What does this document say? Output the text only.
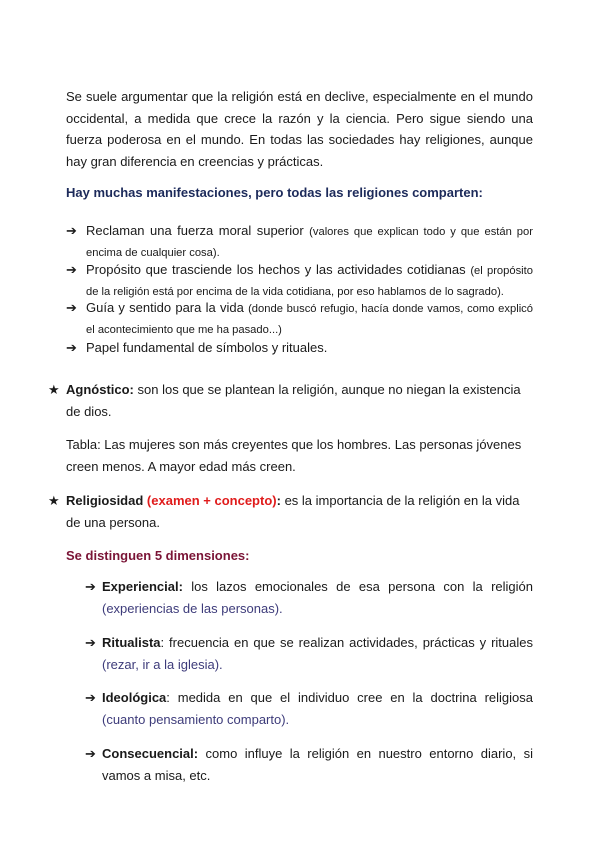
Se suele argumentar que la religión está en declive, especialmente en el mundo occidental, a medida que crece la razón y la ciencia. Pero sigue siendo una fuerza poderosa en el mundo. En todas las sociedades hay religiones, aunque hay gran diferencia en creencias y prácticas.

Hay muchas manifestaciones, pero todas las religiones comparten:

➔ Reclaman una fuerza moral superior (valores que explican todo y que están por encima de cualquier cosa).
➔ Propósito que trasciende los hechos y las actividades cotidianas (el propósito de la religión está por encima de la vida cotidiana, por eso hablamos de lo sagrado).
➔ Guía y sentido para la vida (donde buscó refugio, hacía donde vamos, como explicó el acontecimiento que me ha pasado...)
➔ Papel fundamental de símbolos y rituales.
★ Agnóstico: son los que se plantean la religión, aunque no niegan la existencia de dios.

Tabla: Las mujeres son más creyentes que los hombres. Las personas jóvenes creen menos. A mayor edad más creen.

★ Religiosidad (examen + concepto): es la importancia de la religión en la vida de una persona.

Se distinguen 5 dimensiones:

➔ Experiencial: los lazos emocionales de esa persona con la religión (experiencias de las personas).
➔ Ritualista: frecuencia en que se realizan actividades, prácticas y rituales (rezar, ir a la iglesia).
➔ Ideológica: medida en que el individuo cree en la doctrina religiosa (cuanto pensamiento comparto).
➔ Consecuencial: como influye la religión en nuestro entorno diario, si vamos a misa, etc.
